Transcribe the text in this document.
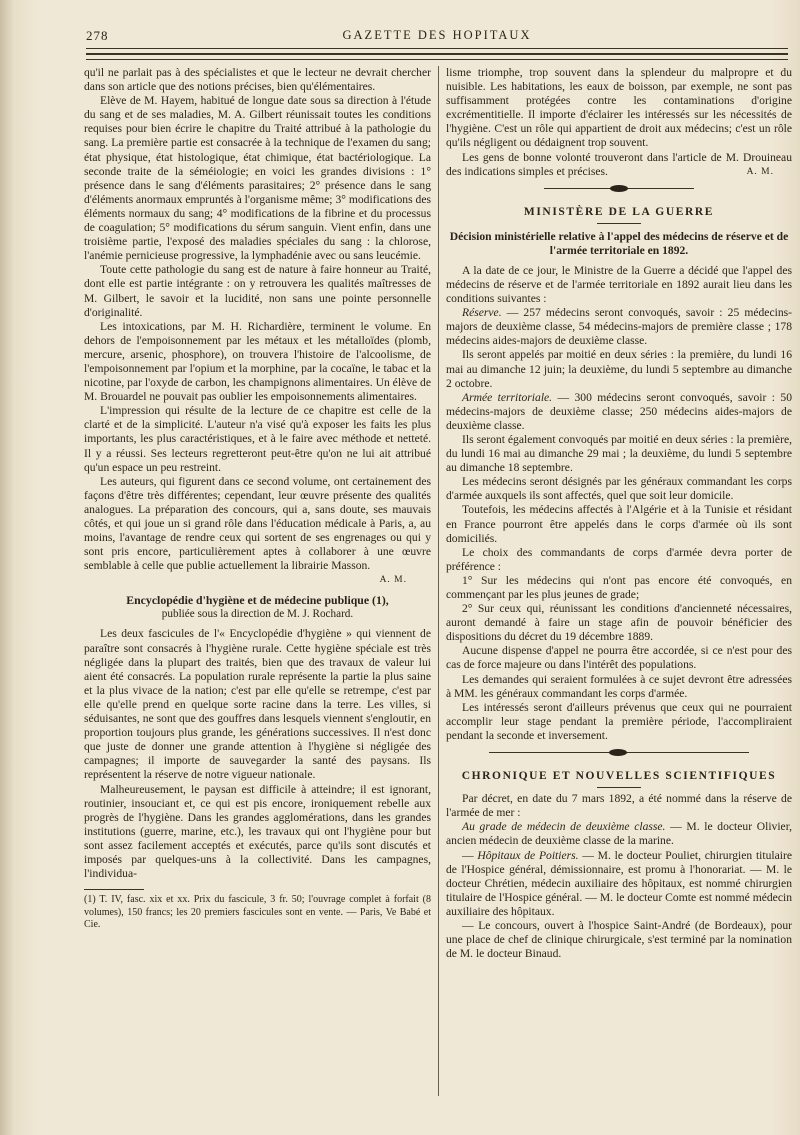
278	GAZETTE DES HOPITAUX

qu'il ne parlait pas à des spécialistes et que le lecteur ne devrait chercher dans son article que des notions précises, bien qu'élémentaires.

Elève de M. Hayem, habitué de longue date sous sa direction à l'étude du sang et de ses maladies, M. A. Gilbert réunissait toutes les conditions requises pour bien écrire le chapitre du Traité attribué à la pathologie du sang. La première partie est consacrée à la technique de l'examen du sang; état physique, état histologique, état chimique, état bactériologique. La seconde traite de la séméiologie; en voici les grandes divisions : 1° présence dans le sang d'éléments parasitaires; 2° présence dans le sang d'éléments anormaux empruntés à l'organisme même; 3° modifications des éléments normaux du sang; 4° modifications de la fibrine et du processus de coagulation; 5° modifications du sérum sanguin. Vient enfin, dans une troisième partie, l'exposé des maladies spéciales du sang : la chlorose, l'anémie pernicieuse progressive, la lymphadénie avec ou sans leucémie.

Toute cette pathologie du sang est de nature à faire honneur au Traité, dont elle est partie intégrante : on y retrouvera les qualités maîtresses de M. Gilbert, le savoir et la lucidité, non sans une pointe personnelle d'originalité.

Les intoxications, par M. H. Richardière, terminent le volume. En dehors de l'empoisonnement par les métaux et les métalloïdes (plomb, mercure, arsenic, phosphore), on trouvera l'histoire de l'alcoolisme, de l'empoisonnement par l'opium et la morphine, par la cocaïne, le tabac et la nicotine, par l'oxyde de carbon, les champignons alimentaires. Un élève de M. Brouardel ne pouvait pas oublier les empoisonnements alimentaires.

L'impression qui résulte de la lecture de ce chapitre est celle de la clarté et de la simplicité. L'auteur n'a visé qu'à exposer les faits les plus importants, les plus caractéristiques, et à le faire avec méthode et netteté. Il y a réussi. Ses lecteurs regretteront peut-être qu'on ne lui ait attribué qu'un espace un peu restreint.

Les auteurs, qui figurent dans ce second volume, ont certainement des façons d'être très différentes; cependant, leur œuvre présente des qualités analogues. La préparation des concours, qui a, sans doute, ses mauvais côtés, et qui joue un si grand rôle dans l'éducation médicale à Paris, a, au moins, l'avantage de rendre ceux qui sortent de ses engrenages ou qui y sont pris encore, particulièrement aptes à collaborer à une œuvre semblable à celle que publie actuellement la librairie Masson.

A. M.
Encyclopédie d'hygiène et de médecine publique (1),
publiée sous la direction de M. J. Rochard.

Les deux fascicules de l'« Encyclopédie d'hygiène » qui viennent de paraître sont consacrés à l'hygiène rurale. Cette hygiène spéciale est très négligée dans la plupart des traités, bien que des travaux de valeur lui aient été consacrés. La population rurale représente la partie la plus saine et la plus vivace de la nation; c'est par elle qu'elle se retrempe, c'est par elle qu'elle prend en quelque sorte racine dans la terre. Les villes, si séduisantes, ne sont que des gouffres dans lesquels viennent s'engloutir, en proportion toujours plus grande, les générations successives. Il n'est donc que juste de donner une grande attention à l'hygiène si négligée des campagnes; il importe de sauvegarder la santé des paysans. Ils représentent la réserve de notre vigueur nationale.

Malheureusement, le paysan est difficile à atteindre; il est ignorant, routinier, insouciant et, ce qui est pis encore, ironiquement rebelle aux progrès de l'hygiène. Dans les grandes agglomérations, dans les grandes institutions (guerre, marine, etc.), les travaux qui ont l'hygiène pour but sont assez facilement acceptés et exécutés, parce qu'ils sont discutés et imposés par quelques-uns à la collectivité. Dans les campagnes, l'individua-

(1) T. IV, fasc. xix et xx. Prix du fascicule, 3 fr. 50; l'ouvrage complet à forfait (8 volumes), 150 francs; les 20 premiers fascicules sont en vente. — Paris, Ve Babé et Cie.

lisme triomphe, trop souvent dans la splendeur du malpropre et du nuisible. Les habitations, les eaux de boisson, par exemple, ne sont pas suffisamment protégées contre les contaminations d'origine excrémentitielle. Il importe d'éclairer les intéressés sur les nécessités de l'hygiène. C'est un rôle qui appartient de droit aux médecins; c'est un rôle qu'ils négligent ou dédaignent trop souvent.

Les gens de bonne volonté trouveront dans l'article de M. Drouineau des indications simples et précises.	A. M.

MINISTÈRE DE LA GUERRE
Décision ministérielle relative à l'appel des médecins de réserve et de l'armée territoriale en 1892.

A la date de ce jour, le Ministre de la Guerre a décidé que l'appel des médecins de réserve et de l'armée territoriale en 1892 aurait lieu dans les conditions suivantes :

Réserve. — 257 médecins seront convoqués, savoir : 25 médecins-majors de deuxième classe, 54 médecins-majors de première classe ; 178 médecins aides-majors de deuxième classe.

Ils seront appelés par moitié en deux séries : la première, du lundi 16 mai au dimanche 12 juin; la deuxième, du lundi 5 septembre au dimanche 2 octobre.

Armée territoriale. — 300 médecins seront convoqués, savoir : 50 médecins-majors de deuxième classe; 250 médecins aides-majors de deuxième classe.

Ils seront également convoqués par moitié en deux séries : la première, du lundi 16 mai au dimanche 29 mai ; la deuxième, du lundi 5 septembre au dimanche 18 septembre.

Les médecins seront désignés par les généraux commandant les corps d'armée auxquels ils sont affectés, quel que soit leur domicile.

Toutefois, les médecins affectés à l'Algérie et à la Tunisie et résidant en France pourront être appelés dans le corps d'armée où ils sont domiciliés.

Le choix des commandants de corps d'armée devra porter de préférence :

1° Sur les médecins qui n'ont pas encore été convoqués, en commençant par les plus jeunes de grade;

2° Sur ceux qui, réunissant les conditions d'ancienneté nécessaires, auront demandé à faire un stage afin de pouvoir bénéficier des dispositions du décret du 19 décembre 1889.

Aucune dispense d'appel ne pourra être accordée, si ce n'est pour des cas de force majeure ou dans l'intérêt des populations.

Les demandes qui seraient formulées à ce sujet devront être adressées à MM. les généraux commandant les corps d'armée.

Les intéressés seront d'ailleurs prévenus que ceux qui ne pourraient accomplir leur stage pendant la première période, l'accompliraient pendant la seconde et inversement.

CHRONIQUE ET NOUVELLES SCIENTIFIQUES

Par décret, en date du 7 mars 1892, a été nommé dans la réserve de l'armée de mer :

Au grade de médecin de deuxième classe. — M. le docteur Olivier, ancien médecin de deuxième classe de la marine.

— Hôpitaux de Poitiers. — M. le docteur Pouliet, chirurgien titulaire de l'Hospice général, démissionnaire, est promu à l'honorariat. — M. le docteur Chrétien, médecin auxiliaire des hôpitaux, est nommé chirurgien titulaire de l'Hospice général. — M. le docteur Comte est nommé médecin auxiliaire des hôpitaux.

— Le concours, ouvert à l'hospice Saint-André (de Bordeaux), pour une place de chef de clinique chirurgicale, s'est terminé par la nomination de M. le docteur Binaud.
